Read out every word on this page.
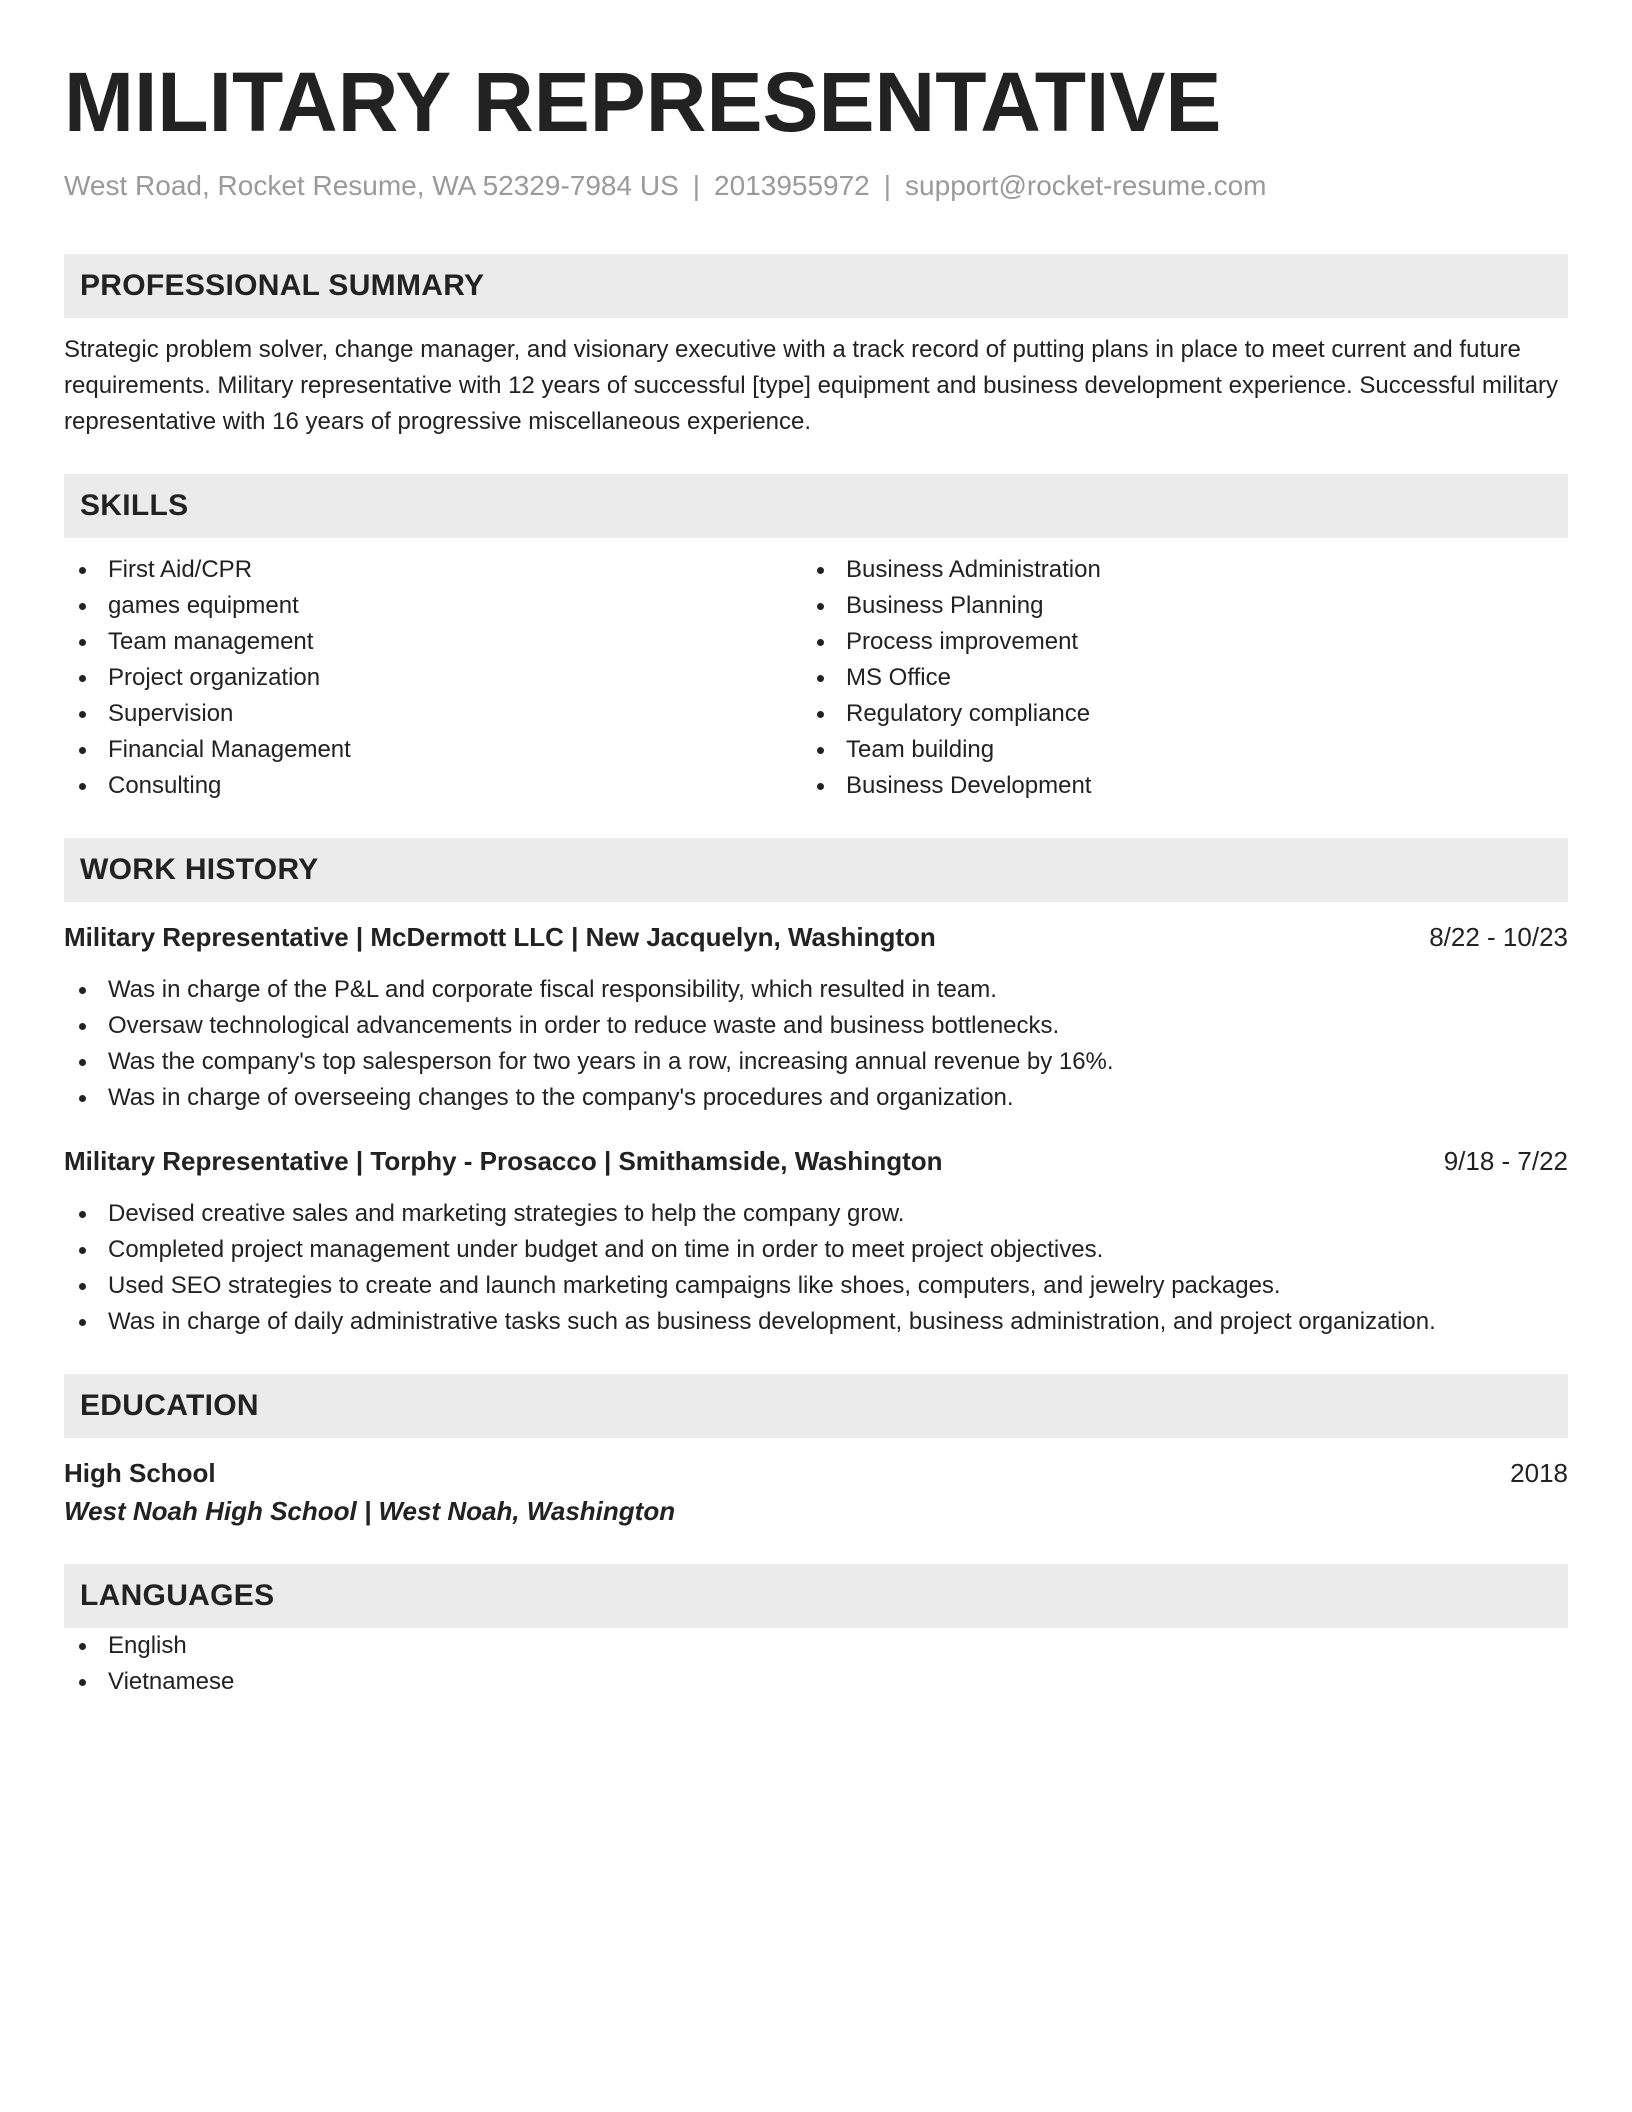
MILITARY REPRESENTATIVE
West Road, Rocket Resume, WA 52329-7984 US | 2013955972 | support@rocket-resume.com
PROFESSIONAL SUMMARY

Strategic problem solver, change manager, and visionary executive with a track record of putting plans in place to meet current and future requirements. Military representative with 12 years of successful [type] equipment and business development experience. Successful military representative with 16 years of progressive miscellaneous experience.

SKILLS
First Aid/CPR
games equipment
Team management
Project organization
Supervision
Financial Management
Consulting
Business Administration
Business Planning
Process improvement
MS Office
Regulatory compliance
Team building
Business Development
WORK HISTORY
Military Representative | McDermott LLC | New Jacquelyn, Washington	8/22 - 10/23
Was in charge of the P&L and corporate fiscal responsibility, which resulted in team.
Oversaw technological advancements in order to reduce waste and business bottlenecks.
Was the company's top salesperson for two years in a row, increasing annual revenue by 16%.
Was in charge of overseeing changes to the company's procedures and organization.
Military Representative | Torphy - Prosacco | Smithamside, Washington	9/18 - 7/22
Devised creative sales and marketing strategies to help the company grow.
Completed project management under budget and on time in order to meet project objectives.
Used SEO strategies to create and launch marketing campaigns like shoes, computers, and jewelry packages.
Was in charge of daily administrative tasks such as business development, business administration, and project organization.
EDUCATION
High School	2018
West Noah High School | West Noah, Washington
LANGUAGES
English
Vietnamese
